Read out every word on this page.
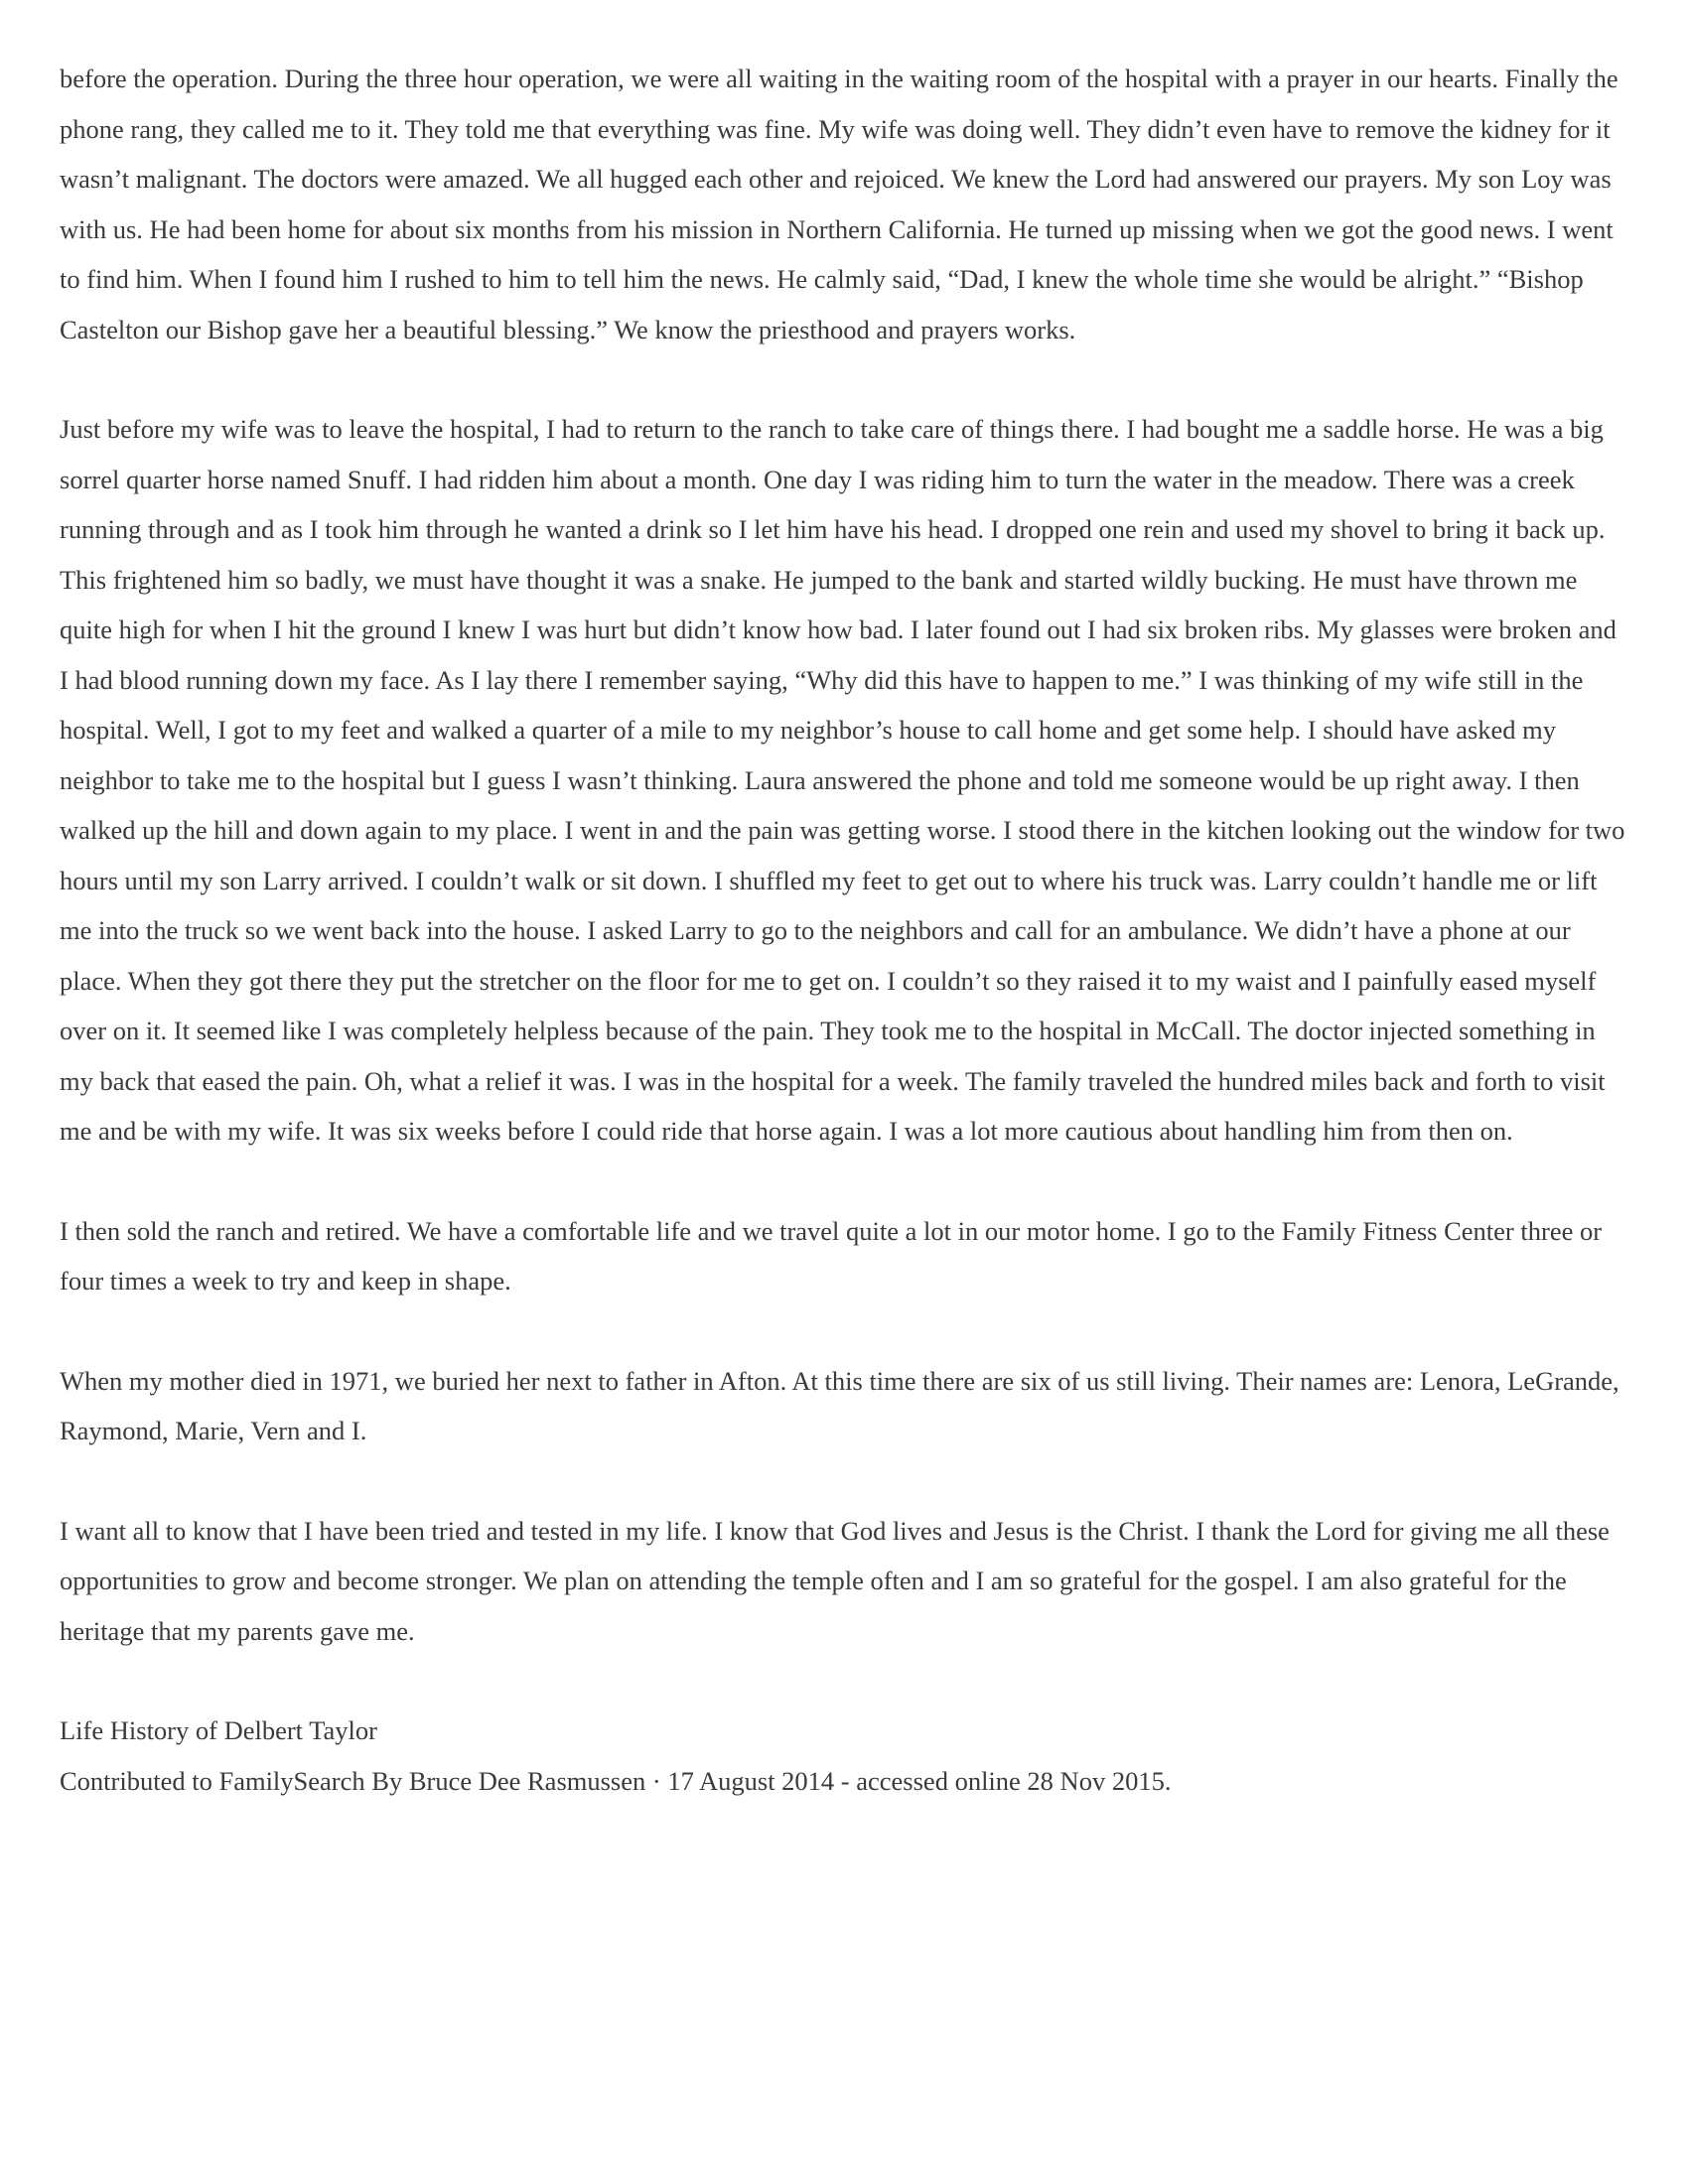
before the operation. During the three hour operation, we were all waiting in the waiting room of the hospital with a prayer in our hearts. Finally the phone rang, they called me to it. They told me that everything was fine. My wife was doing well. They didn’t even have to remove the kidney for it wasn’t malignant. The doctors were amazed. We all hugged each other and rejoiced. We knew the Lord had answered our prayers. My son Loy was with us. He had been home for about six months from his mission in Northern California. He turned up missing when we got the good news. I went to find him. When I found him I rushed to him to tell him the news. He calmly said, “Dad, I knew the whole time she would be alright.” “Bishop Castelton our Bishop gave her a beautiful blessing.” We know the priesthood and prayers works.

Just before my wife was to leave the hospital, I had to return to the ranch to take care of things there. I had bought me a saddle horse. He was a big sorrel quarter horse named Snuff. I had ridden him about a month. One day I was riding him to turn the water in the meadow. There was a creek running through and as I took him through he wanted a drink so I let him have his head. I dropped one rein and used my shovel to bring it back up. This frightened him so badly, we must have thought it was a snake. He jumped to the bank and started wildly bucking. He must have thrown me quite high for when I hit the ground I knew I was hurt but didn’t know how bad. I later found out I had six broken ribs. My glasses were broken and I had blood running down my face. As I lay there I remember saying, “Why did this have to happen to me.” I was thinking of my wife still in the hospital. Well, I got to my feet and walked a quarter of a mile to my neighbor’s house to call home and get some help. I should have asked my neighbor to take me to the hospital but I guess I wasn’t thinking. Laura answered the phone and told me someone would be up right away. I then walked up the hill and down again to my place. I went in and the pain was getting worse. I stood there in the kitchen looking out the window for two hours until my son Larry arrived. I couldn’t walk or sit down. I shuffled my feet to get out to where his truck was. Larry couldn’t handle me or lift me into the truck so we went back into the house. I asked Larry to go to the neighbors and call for an ambulance. We didn’t have a phone at our place. When they got there they put the stretcher on the floor for me to get on. I couldn’t so they raised it to my waist and I painfully eased myself over on it. It seemed like I was completely helpless because of the pain. They took me to the hospital in McCall. The doctor injected something in my back that eased the pain. Oh, what a relief it was. I was in the hospital for a week. The family traveled the hundred miles back and forth to visit me and be with my wife. It was six weeks before I could ride that horse again. I was a lot more cautious about handling him from then on.

I then sold the ranch and retired. We have a comfortable life and we travel quite a lot in our motor home. I go to the Family Fitness Center three or four times a week to try and keep in shape.

When my mother died in 1971, we buried her next to father in Afton. At this time there are six of us still living. Their names are: Lenora, LeGrande, Raymond, Marie, Vern and I.

I want all to know that I have been tried and tested in my life. I know that God lives and Jesus is the Christ. I thank the Lord for giving me all these opportunities to grow and become stronger. We plan on attending the temple often and I am so grateful for the gospel. I am also grateful for the heritage that my parents gave me.

Life History of Delbert Taylor
Contributed to FamilySearch By Bruce Dee Rasmussen · 17 August 2014 - accessed online 28 Nov 2015.
